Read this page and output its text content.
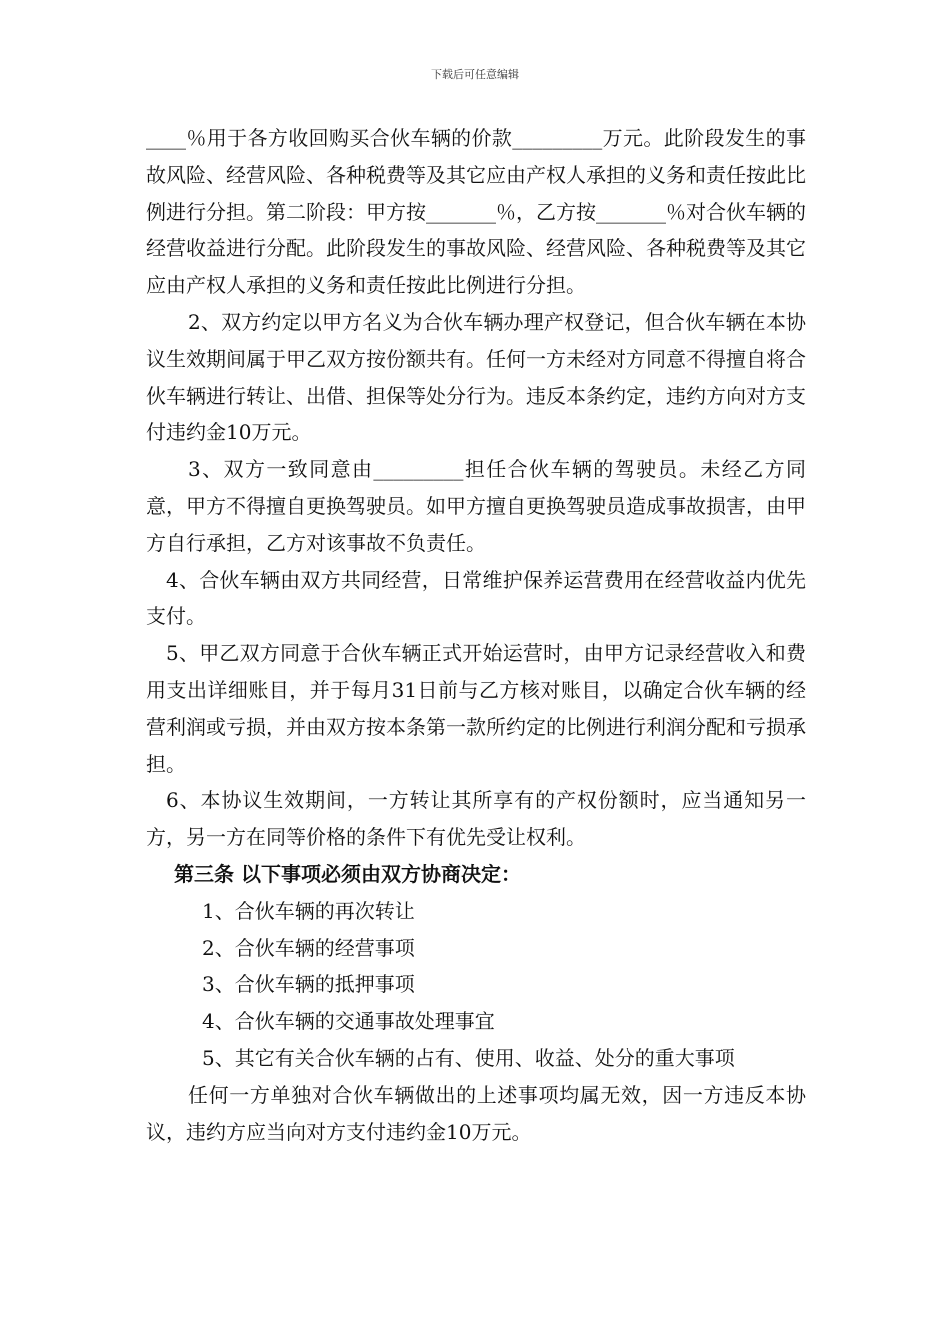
下载后可任意编辑

____％用于各方收回购买合伙车辆的价款_________万元。此阶段发生的事故风险、经营风险、各种税费等及其它应由产权人承担的义务和责任按此比例进行分担。第二阶段：甲方按_______％，乙方按_______％对合伙车辆的经营收益进行分配。此阶段发生的事故风险、经营风险、各种税费等及其它应由产权人承担的义务和责任按此比例进行分担。

2、双方约定以甲方名义为合伙车辆办理产权登记，但合伙车辆在本协议生效期间属于甲乙双方按份额共有。任何一方未经对方同意不得擅自将合伙车辆进行转让、出借、担保等处分行为。违反本条约定，违约方向对方支付违约金10万元。

3、双方一致同意由_________担任合伙车辆的驾驶员。未经乙方同意，甲方不得擅自更换驾驶员。如甲方擅自更换驾驶员造成事故损害，由甲方自行承担，乙方对该事故不负责任。

4、合伙车辆由双方共同经营，日常维护保养运营费用在经营收益内优先支付。

5、甲乙双方同意于合伙车辆正式开始运营时，由甲方记录经营收入和费用支出详细账目，并于每月31日前与乙方核对账目，以确定合伙车辆的经营利润或亏损，并由双方按本条第一款所约定的比例进行利润分配和亏损承担。

6、本协议生效期间，一方转让其所享有的产权份额时，应当通知另一方，另一方在同等价格的条件下有优先受让权利。

第三条 以下事项必须由双方协商决定：

1、合伙车辆的再次转让

2、合伙车辆的经营事项

3、合伙车辆的抵押事项

4、合伙车辆的交通事故处理事宜

5、其它有关合伙车辆的占有、使用、收益、处分的重大事项

任何一方单独对合伙车辆做出的上述事项均属无效，因一方违反本协议，违约方应当向对方支付违约金10万元。
